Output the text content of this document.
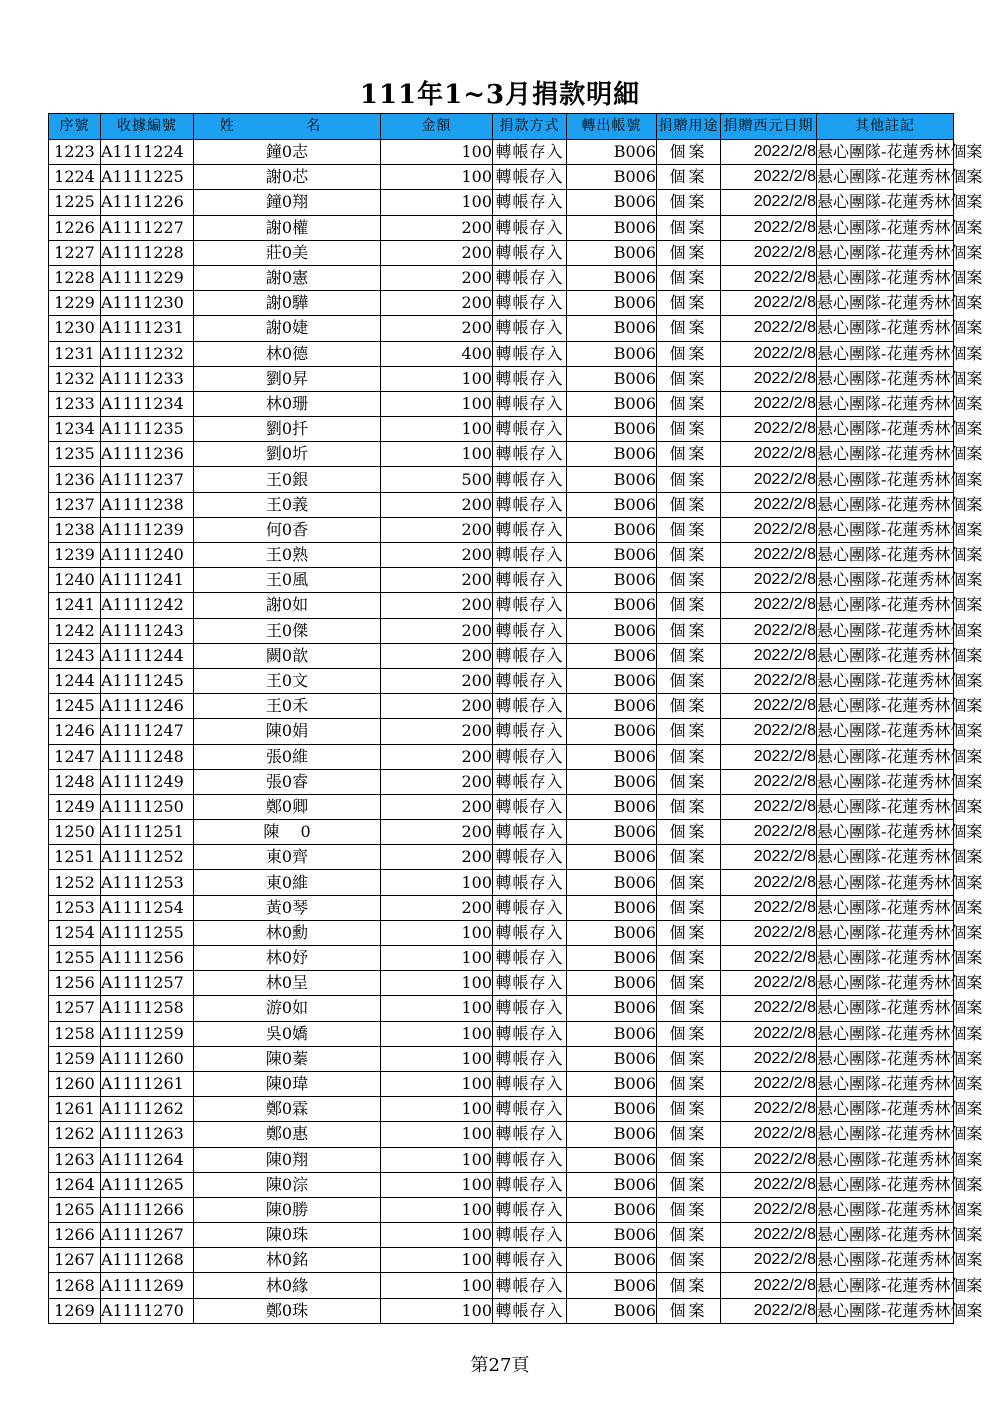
111年1~3月捐款明細
序號	收據編號	姓 名	金額	捐款方式	轉出帳號	捐贈用途	捐贈西元日期	其他註記
1223	A1111224	鐘0志	100	轉帳存入	B006	個案	2022/2/8	悬心團隊-花蓮秀林個案
1224	A1111225	謝0芯	100	轉帳存入	B006	個案	2022/2/8	悬心團隊-花蓮秀林個案
1225	A1111226	鐘0翔	100	轉帳存入	B006	個案	2022/2/8	悬心團隊-花蓮秀林個案
1226	A1111227	謝0權	200	轉帳存入	B006	個案	2022/2/8	悬心團隊-花蓮秀林個案
1227	A1111228	莊0美	200	轉帳存入	B006	個案	2022/2/8	悬心團隊-花蓮秀林個案
1228	A1111229	謝0憲	200	轉帳存入	B006	個案	2022/2/8	悬心團隊-花蓮秀林個案
1229	A1111230	謝0驊	200	轉帳存入	B006	個案	2022/2/8	悬心團隊-花蓮秀林個案
1230	A1111231	謝0婕	200	轉帳存入	B006	個案	2022/2/8	悬心團隊-花蓮秀林個案
1231	A1111232	林0德	400	轉帳存入	B006	個案	2022/2/8	悬心團隊-花蓮秀林個案
1232	A1111233	劉0昇	100	轉帳存入	B006	個案	2022/2/8	悬心團隊-花蓮秀林個案
1233	A1111234	林0珊	100	轉帳存入	B006	個案	2022/2/8	悬心團隊-花蓮秀林個案
1234	A1111235	劉0扦	100	轉帳存入	B006	個案	2022/2/8	悬心團隊-花蓮秀林個案
1235	A1111236	劉0圻	100	轉帳存入	B006	個案	2022/2/8	悬心團隊-花蓮秀林個案
1236	A1111237	王0銀	500	轉帳存入	B006	個案	2022/2/8	悬心團隊-花蓮秀林個案
1237	A1111238	王0義	200	轉帳存入	B006	個案	2022/2/8	悬心團隊-花蓮秀林個案
1238	A1111239	何0香	200	轉帳存入	B006	個案	2022/2/8	悬心團隊-花蓮秀林個案
1239	A1111240	王0熟	200	轉帳存入	B006	個案	2022/2/8	悬心團隊-花蓮秀林個案
1240	A1111241	王0風	200	轉帳存入	B006	個案	2022/2/8	悬心團隊-花蓮秀林個案
1241	A1111242	謝0如	200	轉帳存入	B006	個案	2022/2/8	悬心團隊-花蓮秀林個案
1242	A1111243	王0傑	200	轉帳存入	B006	個案	2022/2/8	悬心團隊-花蓮秀林個案
1243	A1111244	闕0歆	200	轉帳存入	B006	個案	2022/2/8	悬心團隊-花蓮秀林個案
1244	A1111245	王0文	200	轉帳存入	B006	個案	2022/2/8	悬心團隊-花蓮秀林個案
1245	A1111246	王0禾	200	轉帳存入	B006	個案	2022/2/8	悬心團隊-花蓮秀林個案
1246	A1111247	陳0娟	200	轉帳存入	B006	個案	2022/2/8	悬心團隊-花蓮秀林個案
1247	A1111248	張0維	200	轉帳存入	B006	個案	2022/2/8	悬心團隊-花蓮秀林個案
1248	A1111249	張0睿	200	轉帳存入	B006	個案	2022/2/8	悬心團隊-花蓮秀林個案
1249	A1111250	鄭0卿	200	轉帳存入	B006	個案	2022/2/8	悬心團隊-花蓮秀林個案
1250	A1111251	陳　 0	200	轉帳存入	B006	個案	2022/2/8	悬心團隊-花蓮秀林個案
1251	A1111252	東0齊	200	轉帳存入	B006	個案	2022/2/8	悬心團隊-花蓮秀林個案
1252	A1111253	東0維	100	轉帳存入	B006	個案	2022/2/8	悬心團隊-花蓮秀林個案
1253	A1111254	黃0琴	200	轉帳存入	B006	個案	2022/2/8	悬心團隊-花蓮秀林個案
1254	A1111255	林0勳	100	轉帳存入	B006	個案	2022/2/8	悬心團隊-花蓮秀林個案
1255	A1111256	林0妤	100	轉帳存入	B006	個案	2022/2/8	悬心團隊-花蓮秀林個案
1256	A1111257	林0呈	100	轉帳存入	B006	個案	2022/2/8	悬心團隊-花蓮秀林個案
1257	A1111258	游0如	100	轉帳存入	B006	個案	2022/2/8	悬心團隊-花蓮秀林個案
1258	A1111259	吳0嬌	100	轉帳存入	B006	個案	2022/2/8	悬心團隊-花蓮秀林個案
1259	A1111260	陳0蓁	100	轉帳存入	B006	個案	2022/2/8	悬心團隊-花蓮秀林個案
1260	A1111261	陳0瑋	100	轉帳存入	B006	個案	2022/2/8	悬心團隊-花蓮秀林個案
1261	A1111262	鄭0霖	100	轉帳存入	B006	個案	2022/2/8	悬心團隊-花蓮秀林個案
1262	A1111263	鄭0惠	100	轉帳存入	B006	個案	2022/2/8	悬心團隊-花蓮秀林個案
1263	A1111264	陳0翔	100	轉帳存入	B006	個案	2022/2/8	悬心團隊-花蓮秀林個案
1264	A1111265	陳0淙	100	轉帳存入	B006	個案	2022/2/8	悬心團隊-花蓮秀林個案
1265	A1111266	陳0勝	100	轉帳存入	B006	個案	2022/2/8	悬心團隊-花蓮秀林個案
1266	A1111267	陳0珠	100	轉帳存入	B006	個案	2022/2/8	悬心團隊-花蓮秀林個案
1267	A1111268	林0銘	100	轉帳存入	B006	個案	2022/2/8	悬心團隊-花蓮秀林個案
1268	A1111269	林0緣	100	轉帳存入	B006	個案	2022/2/8	悬心團隊-花蓮秀林個案
1269	A1111270	鄭0珠	100	轉帳存入	B006	個案	2022/2/8	悬心團隊-花蓮秀林個案
第27頁
